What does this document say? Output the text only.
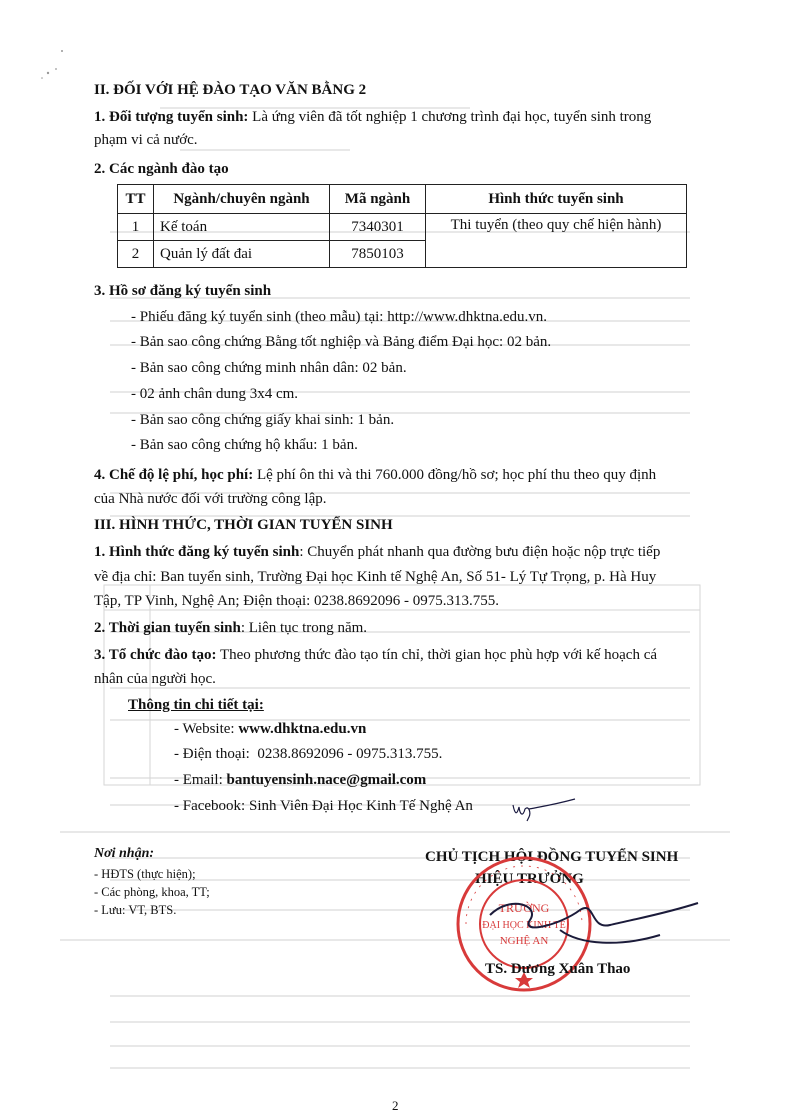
II. ĐỐI VỚI HỆ ĐÀO TẠO VĂN BẰNG 2
1. Đối tượng tuyển sinh: Là ứng viên đã tốt nghiệp 1 chương trình đại học, tuyển sinh trong
phạm vi cả nước.
2. Các ngành đào tạo
TT	Ngành/chuyên ngành	Mã ngành	Hình thức tuyển sinh
1	Kế toán	7340301	Thi tuyển (theo quy chế hiện hành)
2	Quản lý đất đai	7850103	
3. Hồ sơ đăng ký tuyển sinh
- Phiếu đăng ký tuyển sinh (theo mẫu) tại: http://www.dhktna.edu.vn.
- Bản sao công chứng Bằng tốt nghiệp và Bảng điểm Đại học: 02 bản.
- Bản sao công chứng minh nhân dân: 02 bản.
- 02 ảnh chân dung 3x4 cm.
- Bản sao công chứng giấy khai sinh: 1 bản.
- Bản sao công chứng hộ khẩu: 1 bản.
4. Chế độ lệ phí, học phí: Lệ phí ôn thi và thi 760.000 đồng/hồ sơ; học phí thu theo quy định
của Nhà nước đối với trường công lập.
III. HÌNH THỨC, THỜI GIAN TUYỂN SINH
1. Hình thức đăng ký tuyển sinh: Chuyển phát nhanh qua đường bưu điện hoặc nộp trực tiếp
về địa chỉ: Ban tuyển sinh, Trường Đại học Kinh tế Nghệ An, Số 51- Lý Tự Trọng, p. Hà Huy
Tập, TP Vinh, Nghệ An; Điện thoại: 0238.8692096 - 0975.313.755.
2. Thời gian tuyển sinh: Liên tục trong năm.
3. Tổ chức đào tạo: Theo phương thức đào tạo tín chỉ, thời gian học phù hợp với kế hoạch cá
nhân của người học.
Thông tin chi tiết tại:
- Website: www.dhktna.edu.vn
- Điện thoại:  0238.8692096 - 0975.313.755.
- Email: bantuyensinh.nace@gmail.com
- Facebook: Sinh Viên Đại Học Kinh Tế Nghệ An
Nơi nhận:
- HĐTS (thực hiện);
- Các phòng, khoa, TT;
- Lưu: VT, BTS.
CHỦ TỊCH HỘI ĐỒNG TUYỂN SINH
HIỆU TRƯỞNG
TRƯỜNG
ĐẠI HỌC KINH TẾ
NGHỆ AN
TS. Dương Xuân Thao
2
